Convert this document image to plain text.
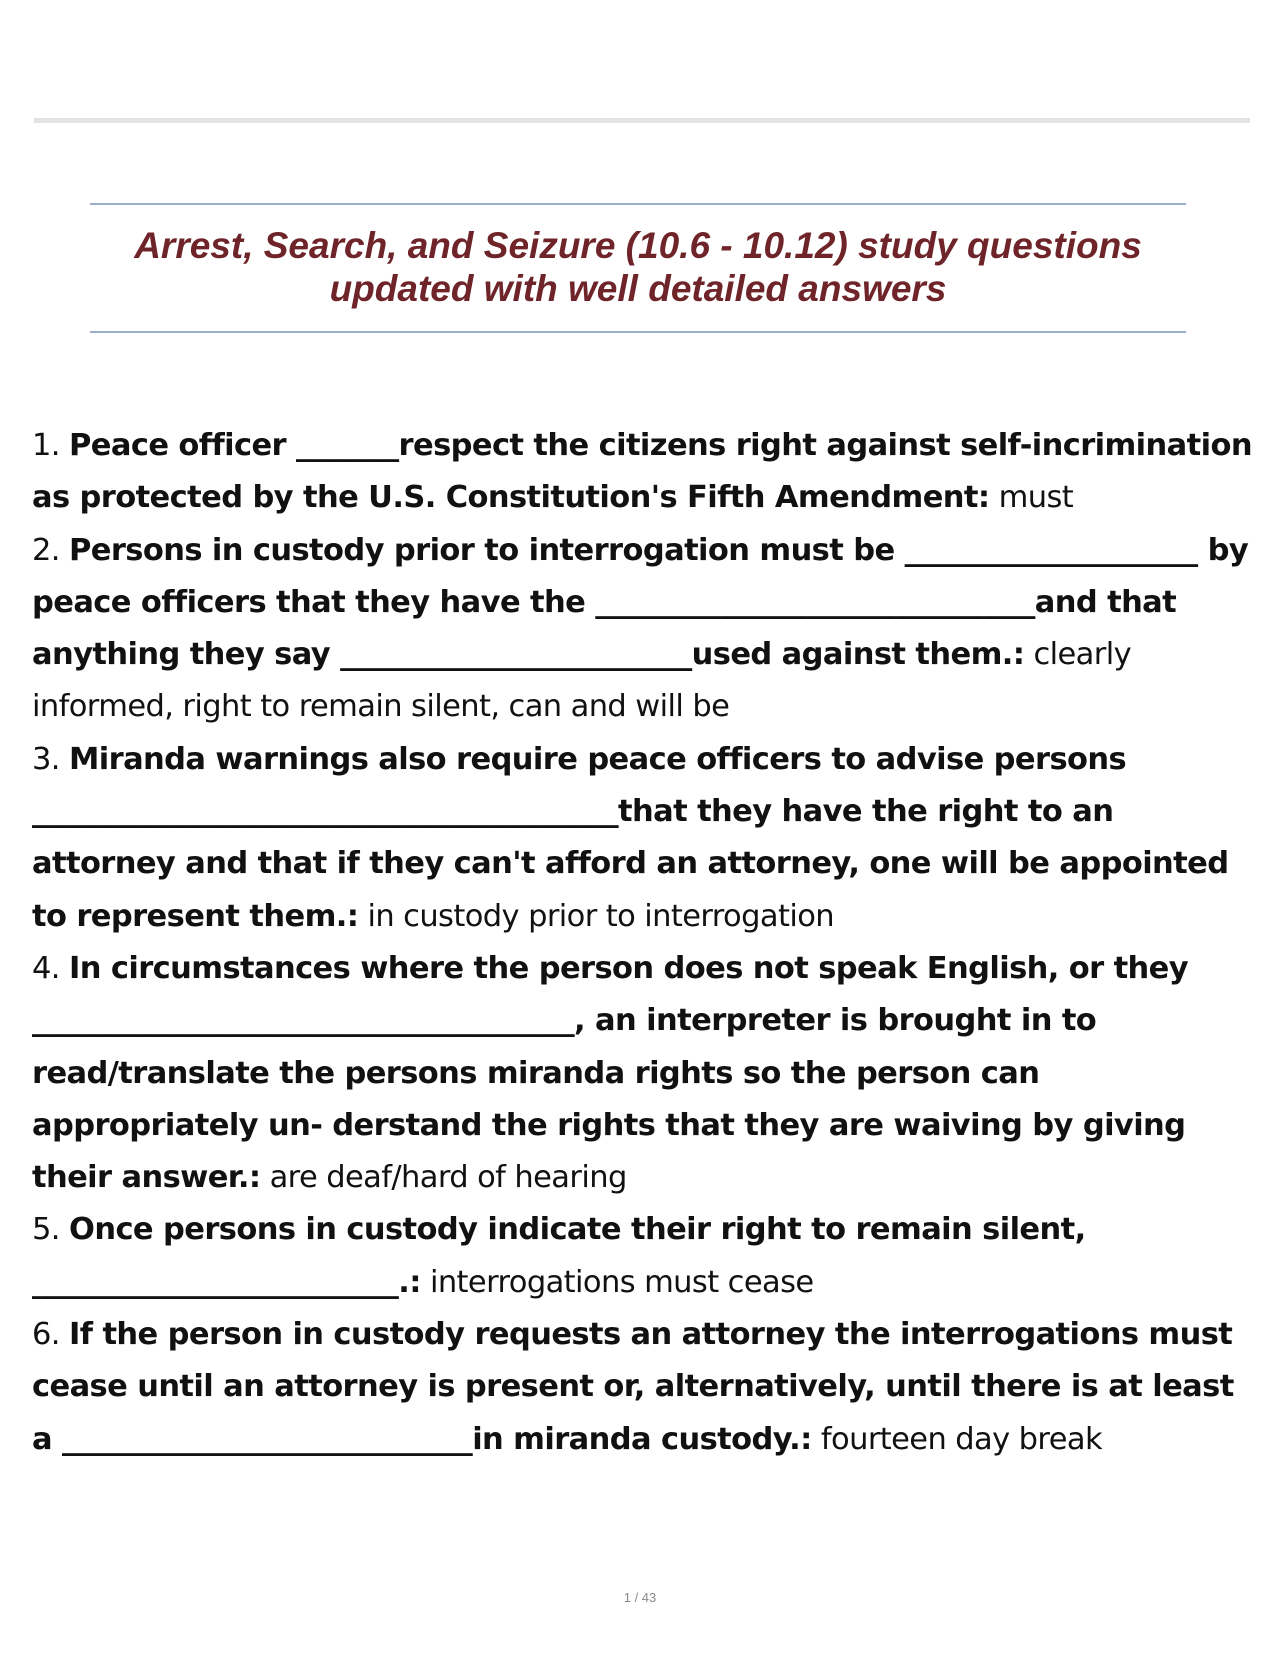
Arrest, Search, and Seizure (10.6 - 10.12) study questions
updated with well detailed answers

1. Peace officer _______respect the citizens right against self-incrimination as protected by the U.S. Constitution's Fifth Amendment: must

2. Persons in custody prior to interrogation must be ____________________ by peace officers that they have the ______________________________and that anything they say ________________________used against them.: clearly informed, right to remain silent, can and will be

3. Miranda warnings also require peace officers to advise persons ________________________________________that they have the right to an attorney and that if they can't afford an attorney, one will be appointed to represent them.: in custody prior to interrogation

4. In circumstances where the person does not speak English, or they _____________________________________, an interpreter is brought in to read/translate the persons miranda rights so the person can appropriately un- derstand the rights that they are waiving by giving their answer.: are deaf/hard of hearing

5. Once persons in custody indicate their right to remain silent, _________________________.: interrogations must cease

6. If the person in custody requests an attorney the interrogations must cease until an attorney is present or, alternatively, until there is at least a ____________________________in miranda custody.: fourteen day break

1 / 43
